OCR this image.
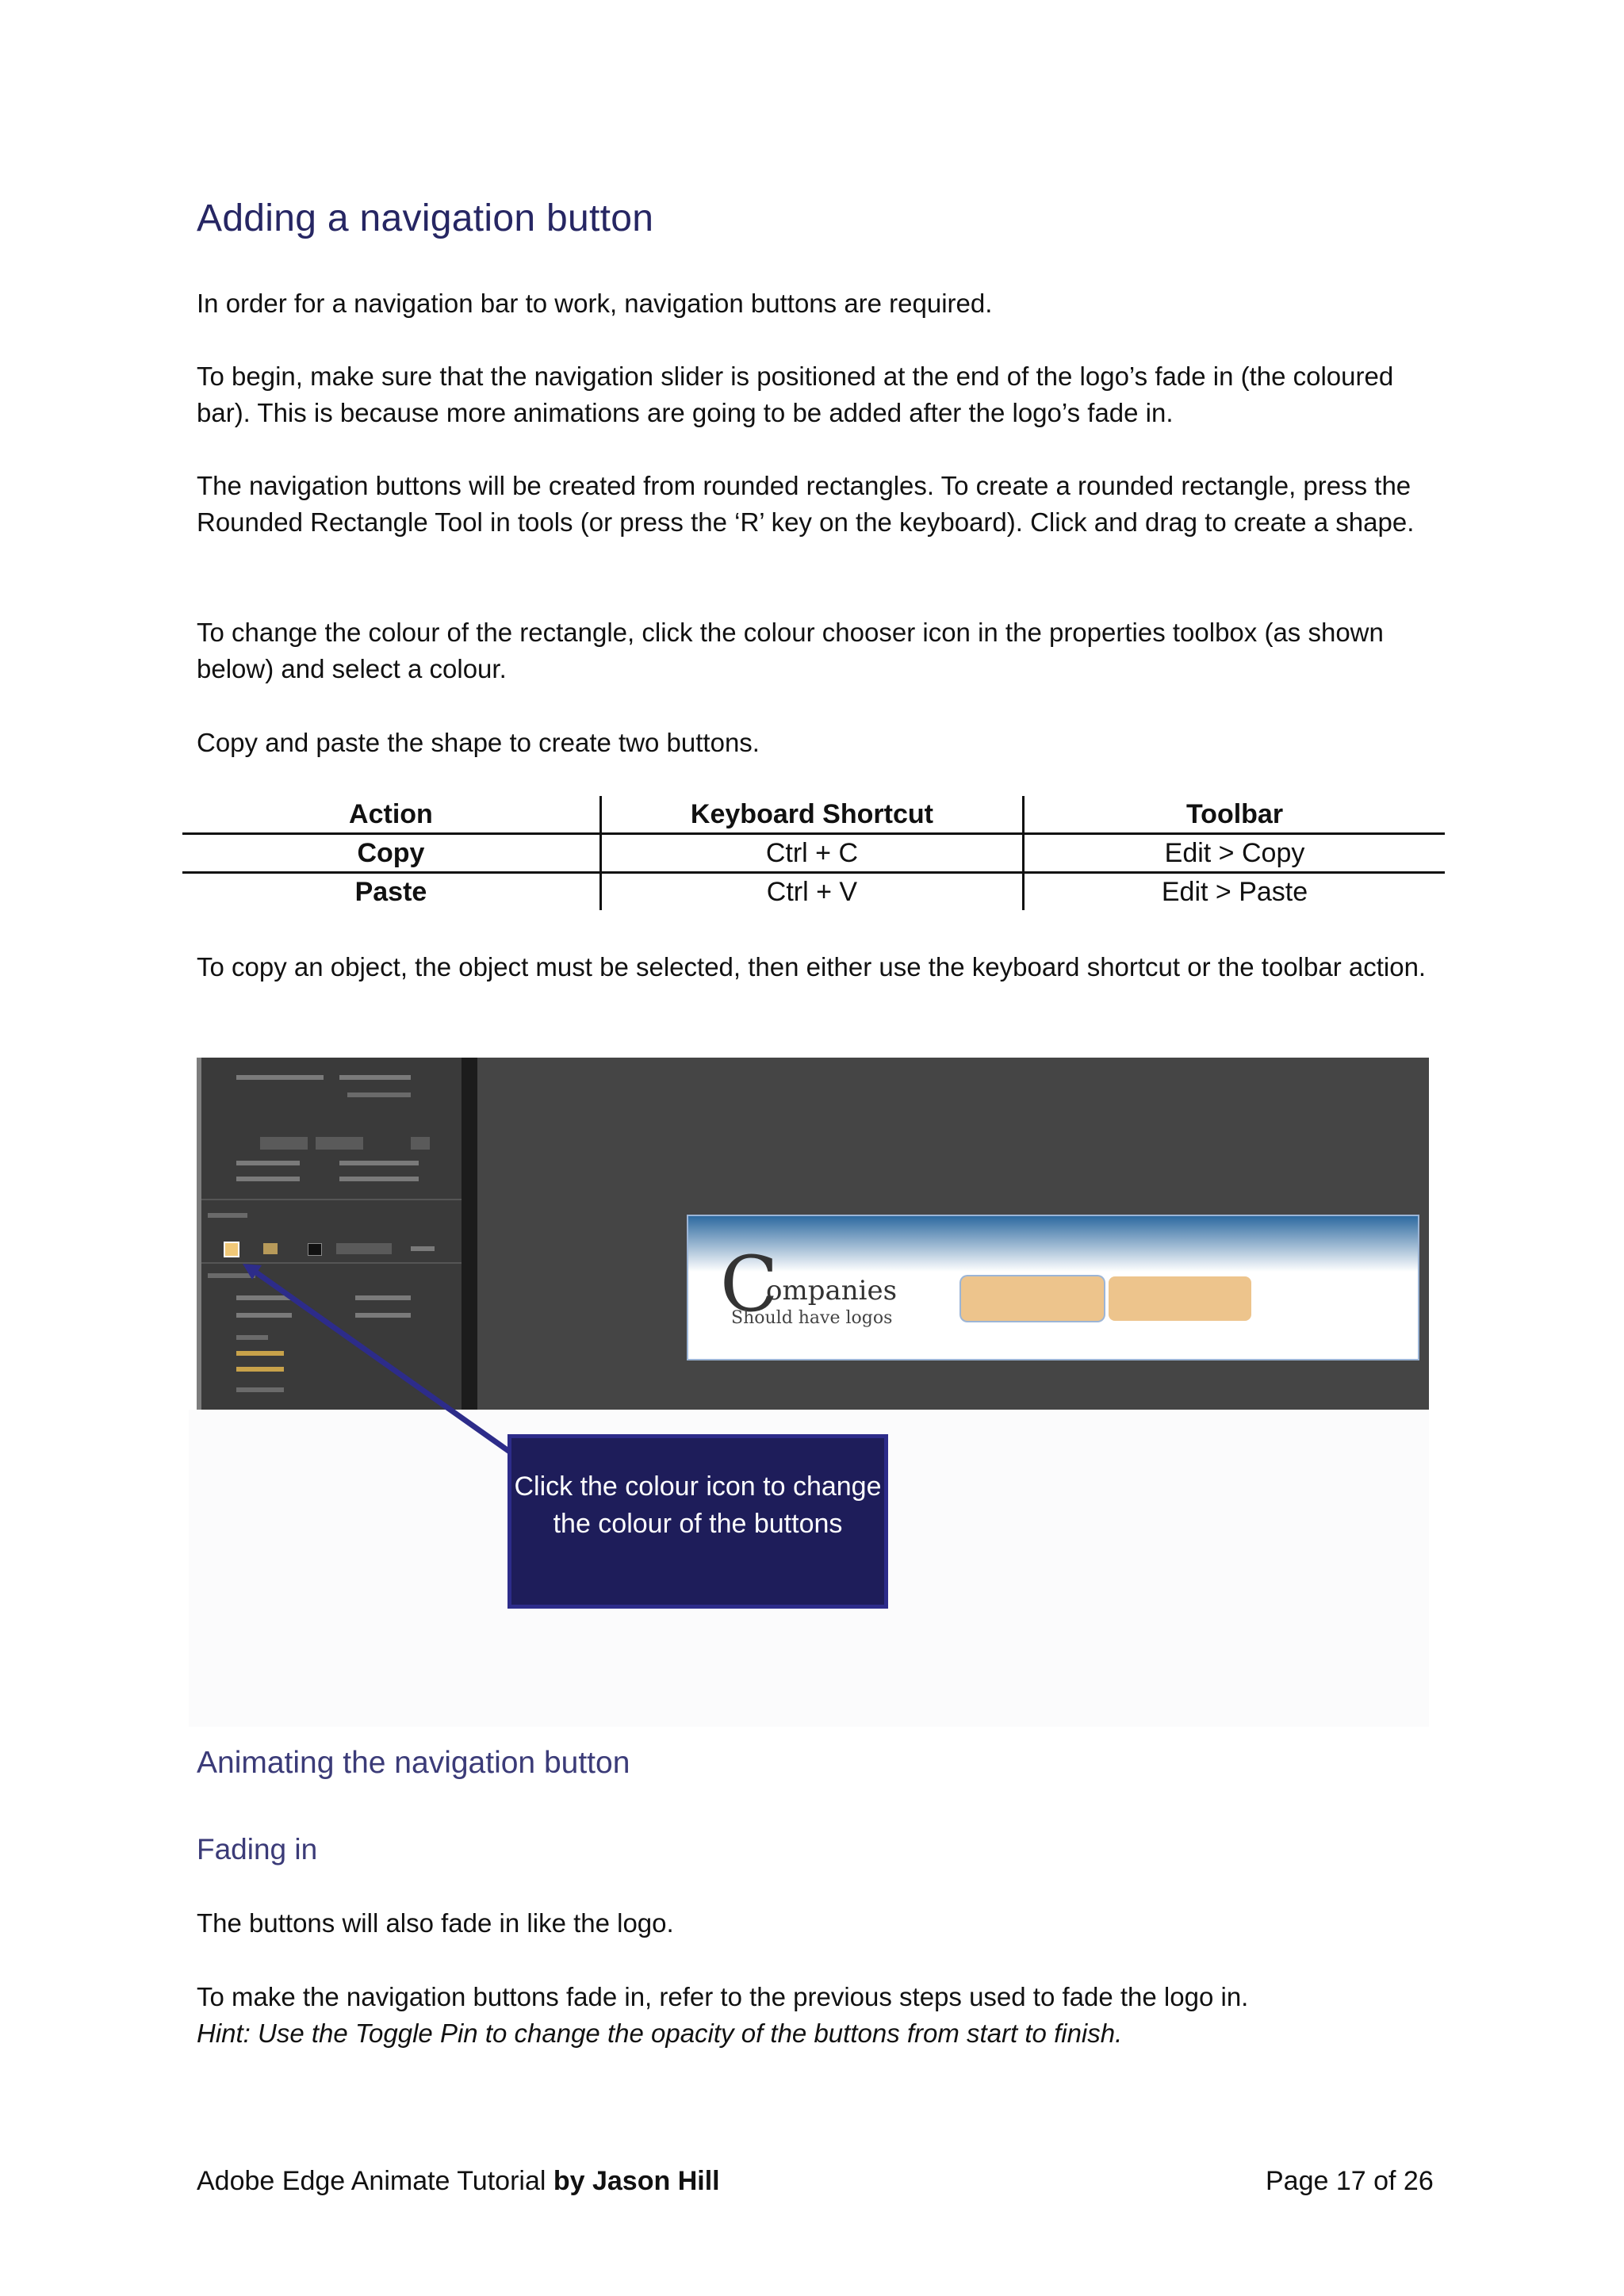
Adding a navigation button

In order for a navigation bar to work, navigation buttons are required.

To begin, make sure that the navigation slider is positioned at the end of the logo’s fade in (the coloured bar). This is because more animations are going to be added after the logo’s fade in.

The navigation buttons will be created from rounded rectangles. To create a rounded rectangle, press the Rounded Rectangle Tool in tools (or press the ‘R’ key on the keyboard). Click and drag to create a shape.

To change the colour of the rectangle, click the colour chooser icon in the properties toolbox (as shown below) and select a colour.

Copy and paste the shape to create two buttons.

Action	Keyboard Shortcut	Toolbar
Copy	Ctrl + C	Edit > Copy
Paste	Ctrl + V	Edit > Paste

To copy an object, the object must be selected, then either use the keyboard shortcut or the toolbar action.

C
ompanies
Should have logos
Click the colour icon to change the colour of the buttons
Animating the navigation button
Fading in

The buttons will also fade in like the logo.

To make the navigation buttons fade in, refer to the previous steps used to fade the logo in.

Hint: Use the Toggle Pin to change the opacity of the buttons from start to finish.

Adobe Edge Animate Tutorial by Jason Hill	Page 17 of 26
